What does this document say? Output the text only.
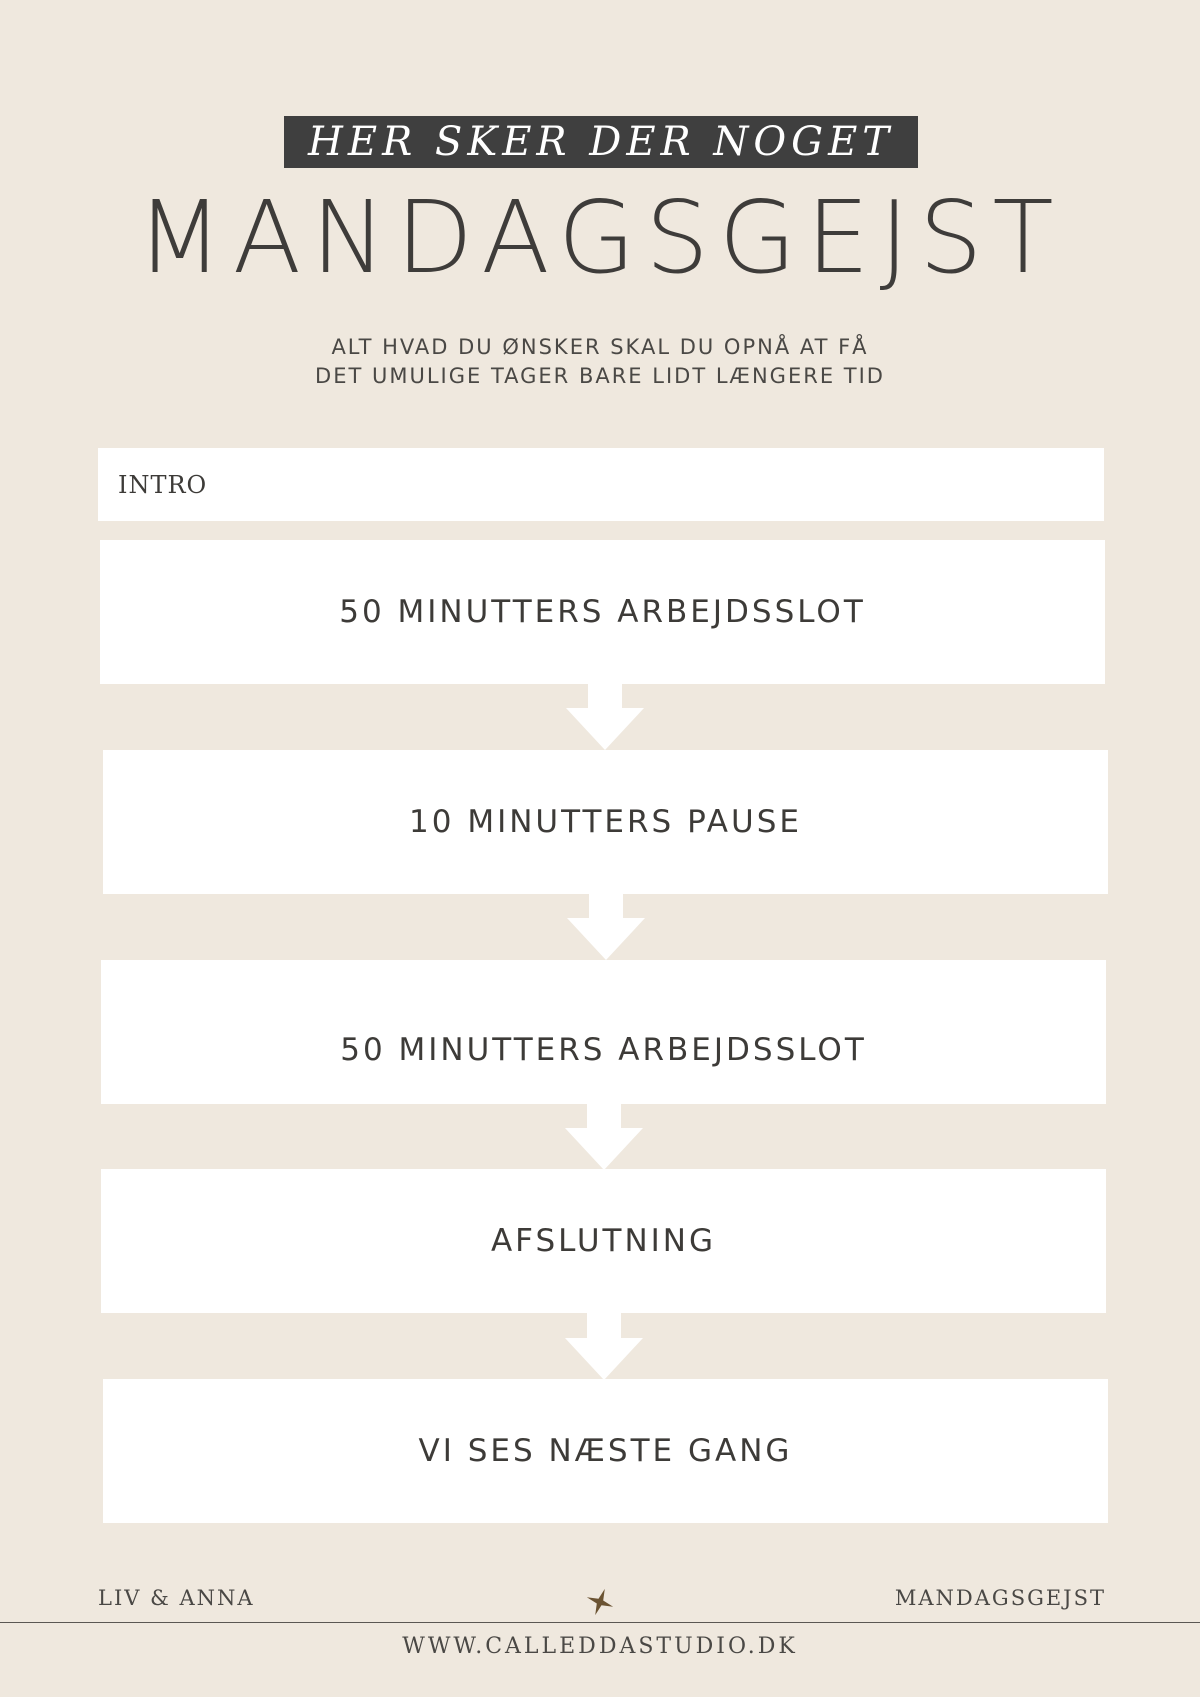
HER SKER DER NOGET
MANDAGSGEJST
ALT HVAD DU ØNSKER SKAL DU OPNÅ AT FÅ
DET UMULIGE TAGER BARE LIDT LÆNGERE TID
INTRO
50 MINUTTERS ARBEJDSSLOT
10 MINUTTERS PAUSE
50 MINUTTERS ARBEJDSSLOT
AFSLUTNING
VI SES NÆSTE GANG
LIV & ANNA	MANDAGSGEJST
WWW.CALLEDDASTUDIO.DK
